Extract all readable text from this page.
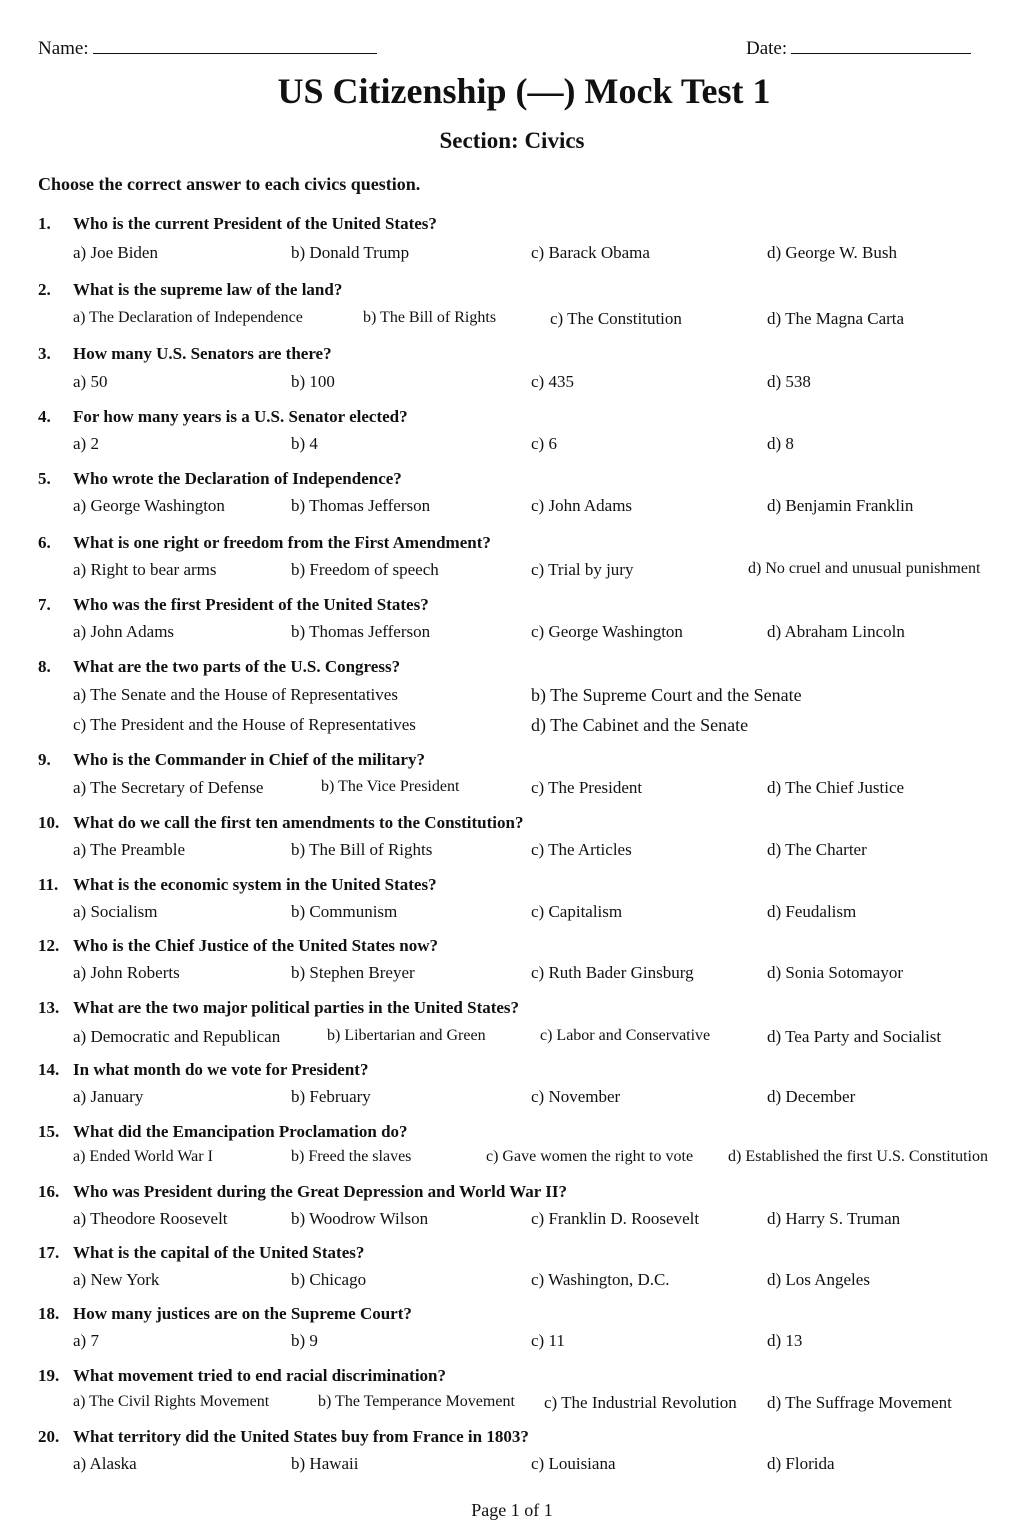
Name:	Date:
US Citizenship (—) Mock Test 1
Section: Civics
Choose the correct answer to each civics question.
1.	Who is the current President of the United States?
a) Joe Biden	b) Donald Trump	c) Barack Obama	d) George W. Bush
2.	What is the supreme law of the land?
a) The Declaration of Independence	b) The Bill of Rights	c) The Constitution	d) The Magna Carta
3.	How many U.S. Senators are there?
a) 50	b) 100	c) 435	d) 538
4.	For how many years is a U.S. Senator elected?
a) 2	b) 4	c) 6	d) 8
5.	Who wrote the Declaration of Independence?
a) George Washington	b) Thomas Jefferson	c) John Adams	d) Benjamin Franklin
6.	What is one right or freedom from the First Amendment?
a) Right to bear arms	b) Freedom of speech	c) Trial by jury	d) No cruel and unusual punishment
7.	Who was the first President of the United States?
a) John Adams	b) Thomas Jefferson	c) George Washington	d) Abraham Lincoln
8.	What are the two parts of the U.S. Congress?
a) The Senate and the House of Representatives	b) The Supreme Court and the Senate
c) The President and the House of Representatives	d) The Cabinet and the Senate
9.	Who is the Commander in Chief of the military?
a) The Secretary of Defense	b) The Vice President	c) The President	d) The Chief Justice
10. What do we call the first ten amendments to the Constitution?
a) The Preamble	b) The Bill of Rights	c) The Articles	d) The Charter
11. What is the economic system in the United States?
a) Socialism	b) Communism	c) Capitalism	d) Feudalism
12. Who is the Chief Justice of the United States now?
a) John Roberts	b) Stephen Breyer	c) Ruth Bader Ginsburg	d) Sonia Sotomayor
13. What are the two major political parties in the United States?
a) Democratic and Republican	b) Libertarian and Green	c) Labor and Conservative	d) Tea Party and Socialist
14. In what month do we vote for President?
a) January	b) February	c) November	d) December
15. What did the Emancipation Proclamation do?
a) Ended World War I	b) Freed the slaves	c) Gave women the right to vote d) Established the first U.S. Constitution
16. Who was President during the Great Depression and World War II?
a) Theodore Roosevelt	b) Woodrow Wilson	c) Franklin D. Roosevelt	d) Harry S. Truman
17. What is the capital of the United States?
a) New York	b) Chicago	c) Washington, D.C.	d) Los Angeles
18. How many justices are on the Supreme Court?
a) 7	b) 9	c) 11	d) 13
19. What movement tried to end racial discrimination?
a) The Civil Rights Movement	b) The Temperance Movement c) The Industrial Revolution d) The Suffrage Movement
20. What territory did the United States buy from France in 1803?
a) Alaska	b) Hawaii	c) Louisiana	d) Florida
Page 1 of 1
